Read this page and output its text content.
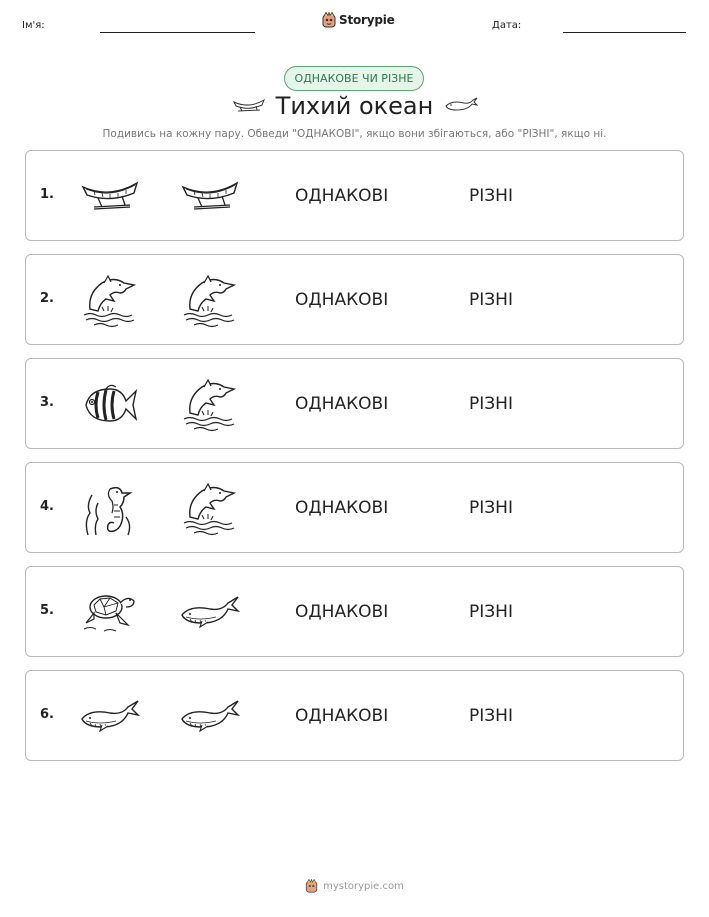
Ім'я:	Storypie	Дата:
ОДНАКОВЕ ЧИ РІЗНЕ
Тихий океан
Подивись на кожну пару. Обведи "ОДНАКОВІ", якщо вони збігаються, або "РІЗНІ", якщо ні.
1.	ОДНАКОВІ	РІЗНІ
2.	ОДНАКОВІ	РІЗНІ
3.	ОДНАКОВІ	РІЗНІ
4.	ОДНАКОВІ	РІЗНІ
5.	ОДНАКОВІ	РІЗНІ
6.	ОДНАКОВІ	РІЗНІ
mystorypie.com
